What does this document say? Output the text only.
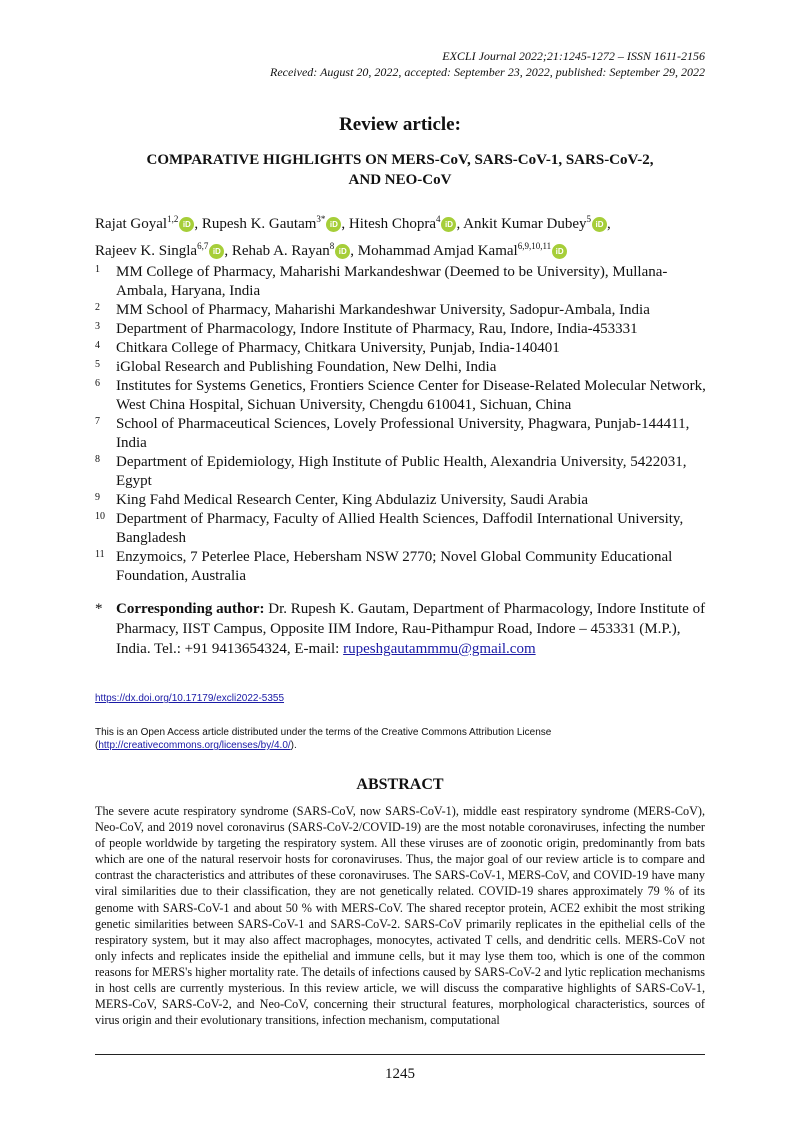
EXCLI Journal 2022;21:1245-1272 – ISSN 1611-2156
Received: August 20, 2022, accepted: September 23, 2022, published: September 29, 2022
Review article:
COMPARATIVE HIGHLIGHTS ON MERS-CoV, SARS-CoV-1, SARS-CoV-2,
AND NEO-CoV
Rajat Goyal$^{1,2}$iD , Rupesh K. Gautam$^{3*}$iD , Hitesh Chopra$^4$iD , Ankit Kumar Dubey$^5$iD ,
Rajeev K. Singla$^{6,7}$iD , Rehab A. Rayan$^8$iD , Mohammad Amjad Kamal$^{6,9,10,11}$iD
1 MM College of Pharmacy, Maharishi Markandeshwar (Deemed to be University), Mullana-Ambala, Haryana, India
2 MM School of Pharmacy, Maharishi Markandeshwar University, Sadopur-Ambala, India
3 Department of Pharmacology, Indore Institute of Pharmacy, Rau, Indore, India-453331
4 Chitkara College of Pharmacy, Chitkara University, Punjab, India-140401
5 iGlobal Research and Publishing Foundation, New Delhi, India
6 Institutes for Systems Genetics, Frontiers Science Center for Disease-Related Molecular Network, West China Hospital, Sichuan University, Chengdu 610041, Sichuan, China
7 School of Pharmaceutical Sciences, Lovely Professional University, Phagwara, Punjab-144411, India
8 Department of Epidemiology, High Institute of Public Health, Alexandria University, 5422031, Egypt
9 King Fahd Medical Research Center, King Abdulaziz University, Saudi Arabia
10 Department of Pharmacy, Faculty of Allied Health Sciences, Daffodil International University, Bangladesh
11 Enzymoics, 7 Peterlee Place, Hebersham NSW 2770; Novel Global Community Educational Foundation, Australia
* Corresponding author: Dr. Rupesh K. Gautam, Department of Pharmacology, Indore Institute of Pharmacy, IIST Campus, Opposite IIM Indore, Rau-Pithampur Road, Indore – 453331 (M.P.), India. Tel.: +91 9413654324, E-mail: rupeshgautammmu@gmail.com
https://dx.doi.org/10.17179/excli2022-5355
This is an Open Access article distributed under the terms of the Creative Commons Attribution License
(http://creativecommons.org/licenses/by/4.0/).
ABSTRACT
The severe acute respiratory syndrome (SARS-CoV, now SARS-CoV-1), middle east respiratory syndrome (MERS-CoV), Neo-CoV, and 2019 novel coronavirus (SARS-CoV-2/COVID-19) are the most notable coronaviruses, infecting the number of people worldwide by targeting the respiratory system. All these viruses are of zoonotic origin, predominantly from bats which are one of the natural reservoir hosts for coronaviruses. Thus, the major goal of our review article is to compare and contrast the characteristics and attributes of these coronaviruses. The SARS-CoV-1, MERS-CoV, and COVID-19 have many viral similarities due to their classification, they are not genetically related. COVID-19 shares approximately 79 % of its genome with SARS-CoV-1 and about 50 % with MERS-CoV. The shared receptor protein, ACE2 exhibit the most striking genetic similarities between SARS-CoV-1 and SARS-CoV-2. SARS-CoV primarily replicates in the epithelial cells of the respiratory system, but it may also affect macrophages, monocytes, activated T cells, and dendritic cells. MERS-CoV not only infects and replicates inside the epithelial and immune cells, but it may lyse them too, which is one of the common reasons for MERS's higher mortality rate. The details of infections caused by SARS-CoV-2 and lytic replication mechanisms in host cells are currently mysterious. In this review article, we will discuss the comparative highlights of SARS-CoV-1, MERS-CoV, SARS-CoV-2, and Neo-CoV, concerning their structural features, morphological characteristics, sources of virus origin and their evolutionary transitions, infection mechanism, computational
1245
